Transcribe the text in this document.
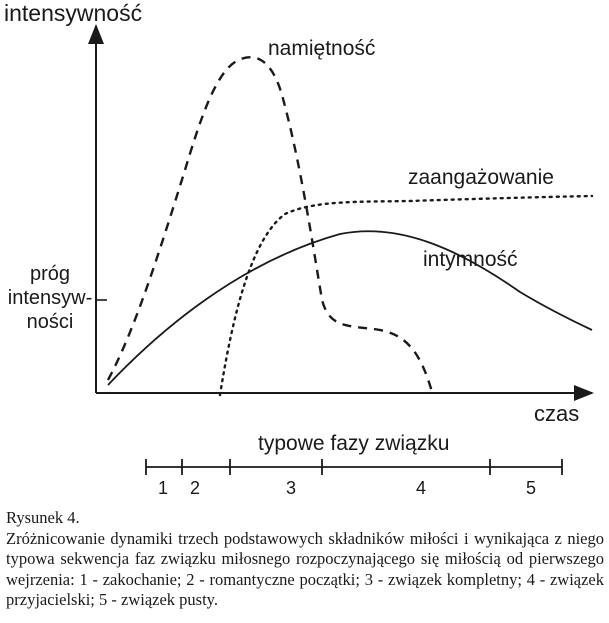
intensywność
próg
intensyw-
ności
namiętność
zaangażowanie
intymność
czas
typowe fazy związku
1 2	3	4	5
Rysunek 4.
Zróżnicowanie dynamiki trzech podstawowych składników miłości i wynikająca z niego typowa sekwencja faz związku miłosnego rozpoczynającego się miłością od pierwszego wejrzenia: 1 - zakochanie; 2 - romantyczne początki; 3 - związek kompletny; 4 - związek przyjacielski; 5 - związek pusty.
